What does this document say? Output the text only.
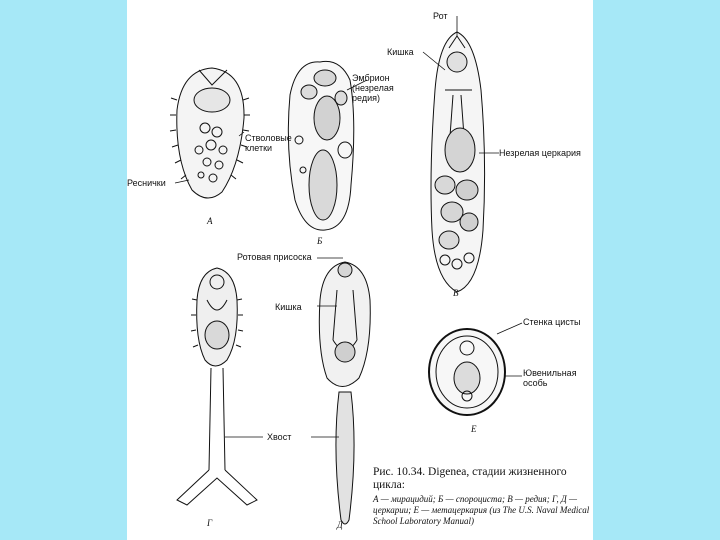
Рот
Кишка
Эмбрион
(незрелая
редия)
Стволовые
клетки
Реснички
Незрелая церкария
Ротовая присоска
Кишка
Хвост
Стенка цисты
Ювенильная
особь
А
Б
В
Г	Д
Е

Рис. 10.34. Digenea, стадии жизненного цикла:

А — мирацидий; Б — спороциста; В — редия; Г, Д — церкарии; Е — метацеркария (из The U.S. Naval Medical School Laboratory Manual)
